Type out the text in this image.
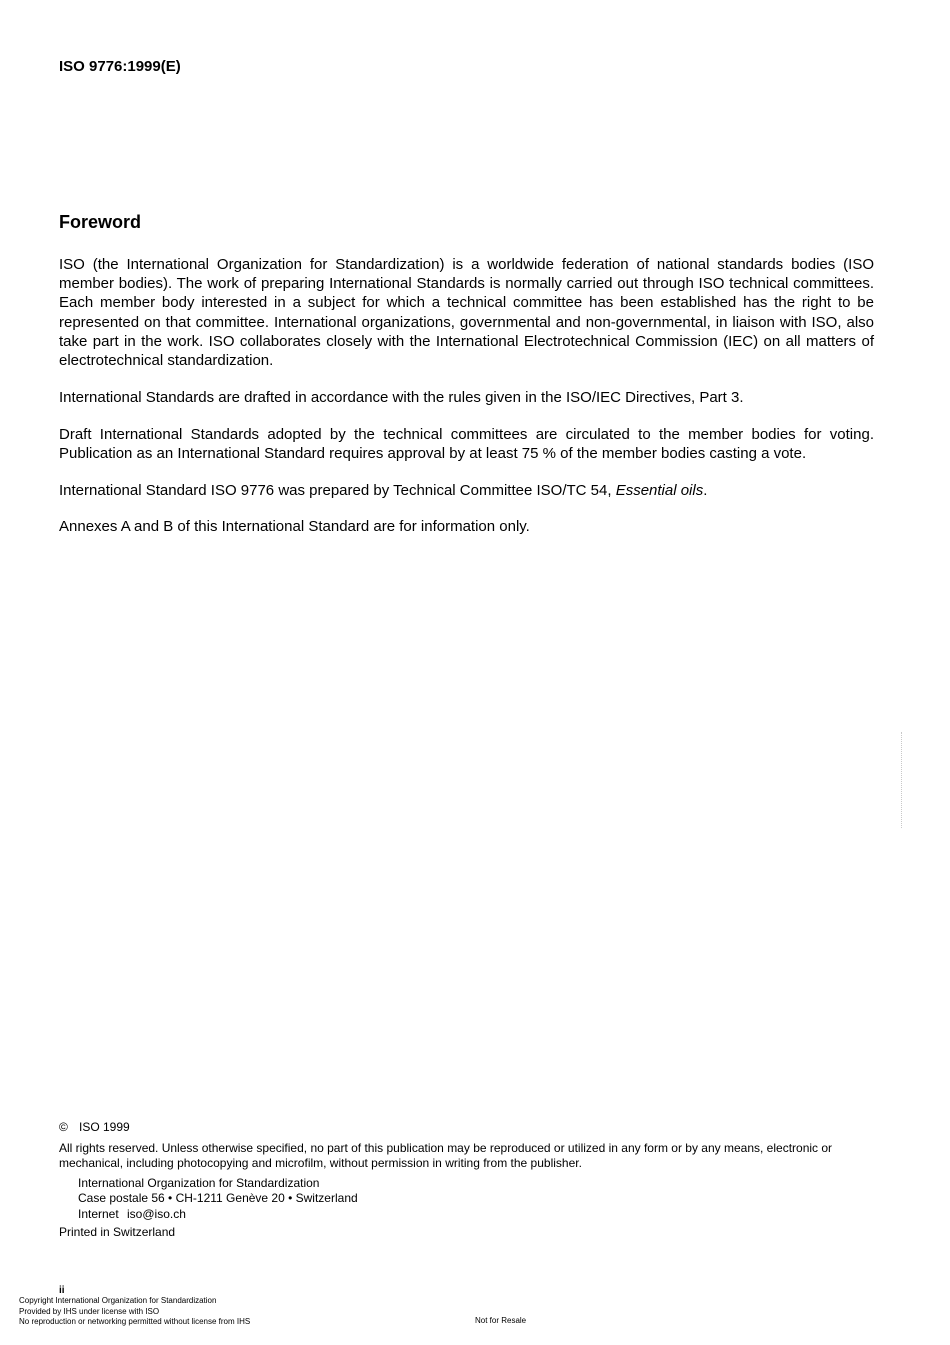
ISO 9776:1999(E)
Foreword

ISO (the International Organization for Standardization) is a worldwide federation of national standards bodies (ISO member bodies). The work of preparing International Standards is normally carried out through ISO technical committees. Each member body interested in a subject for which a technical committee has been established has the right to be represented on that committee. International organizations, governmental and non-governmental, in liaison with ISO, also take part in the work. ISO collaborates closely with the International Electrotechnical Commission (IEC) on all matters of electrotechnical standardization.

International Standards are drafted in accordance with the rules given in the ISO/IEC Directives, Part 3.

Draft International Standards adopted by the technical committees are circulated to the member bodies for voting. Publication as an International Standard requires approval by at least 75 % of the member bodies casting a vote.

International Standard ISO 9776 was prepared by Technical Committee ISO/TC 54, Essential oils.

Annexes A and B of this International Standard are for information only.

© ISO 1999
All rights reserved. Unless otherwise specified, no part of this publication may be reproduced or utilized in any form or by any means, electronic or mechanical, including photocopying and microfilm, without permission in writing from the publisher.
International Organization for Standardization
Case postale 56 • CH-1211 Genève 20 • Switzerland
Internet iso@iso.ch
Printed in Switzerland
ii
Copyright International Organization for Standardization
Provided by IHS under license with ISO
No reproduction or networking permitted without license from IHS	Not for Resale
